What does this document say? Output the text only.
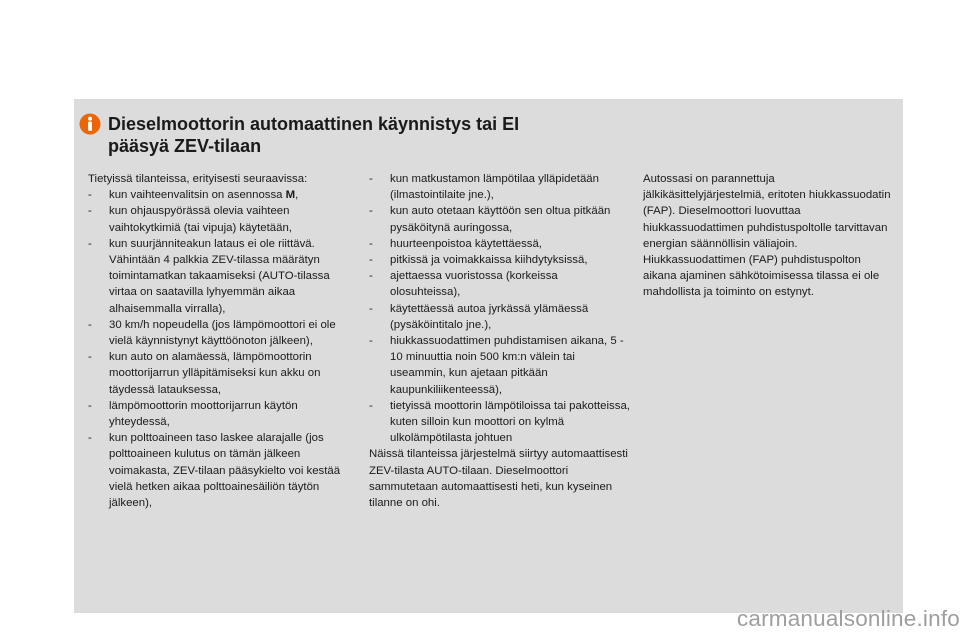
Dieselmoottorin automaattinen käynnistys tai EI
pääsyä ZEV-tilaan
Tietyissä tilanteissa, erityisesti seuraavissa:
-	kun vaihteenvalitsin on asennossa M,
-	kun ohjauspyörässä olevia vaihteen vaihtokytkimiä (tai vipuja) käytetään,
-	kun suurjänniteakun lataus ei ole riittävä. Vähintään 4 palkkia ZEV-tilassa määrätyn toimintamatkan takaamiseksi (AUTO-tilassa virtaa on saatavilla lyhyemmän aikaa alhaisemmalla virralla),
-	30 km/h nopeudella (jos lämpömoottori ei ole vielä käynnistynyt käyttöönoton jälkeen),
-	kun auto on alamäessä, lämpömoottorin moottorijarrun ylläpitämiseksi kun akku on täydessä latauksessa,
-	lämpömoottorin moottorijarrun käytön yhteydessä,
-	kun polttoaineen taso laskee alarajalle (jos polttoaineen kulutus on tämän jälkeen voimakasta, ZEV-tilaan pääsykielto voi kestää vielä hetken aikaa polttoainesäiliön täytön jälkeen),
-	kun matkustamon lämpötilaa ylläpidetään (ilmastointilaite jne.),
-	kun auto otetaan käyttöön sen oltua pitkään pysäköitynä auringossa,
-	huurteenpoistoa käytettäessä,
-	pitkissä ja voimakkaissa kiihdytyksissä,
-	ajettaessa vuoristossa (korkeissa olosuhteissa),
-	käytettäessä autoa jyrkässä ylämäessä (pysäköintitalo jne.),
-	hiukkassuodattimen puhdistamisen aikana, 5 - 10 minuuttia noin 500 km:n välein tai useammin, kun ajetaan pitkään kaupunkiliikenteessä),
-	tietyissä moottorin lämpötiloissa tai pakotteissa, kuten silloin kun moottori on kylmä ulkolämpötilasta johtuen
Näissä tilanteissa järjestelmä siirtyy automaattisesti ZEV-tilasta AUTO-tilaan. Dieselmoottori sammutetaan automaattisesti heti, kun kyseinen tilanne on ohi.
Autossasi on parannettuja jälkikäsittelyjärjestelmiä, eritoten hiukkassuodatin (FAP). Dieselmoottori luovuttaa hiukkassuodattimen puhdistuspoltolle tarvittavan energian säännöllisin väliajoin. Hiukkassuodattimen (FAP) puhdistuspolton aikana ajaminen sähkötoimisessa tilassa ei ole mahdollista ja toiminto on estynyt.
carmanualsonline.info
